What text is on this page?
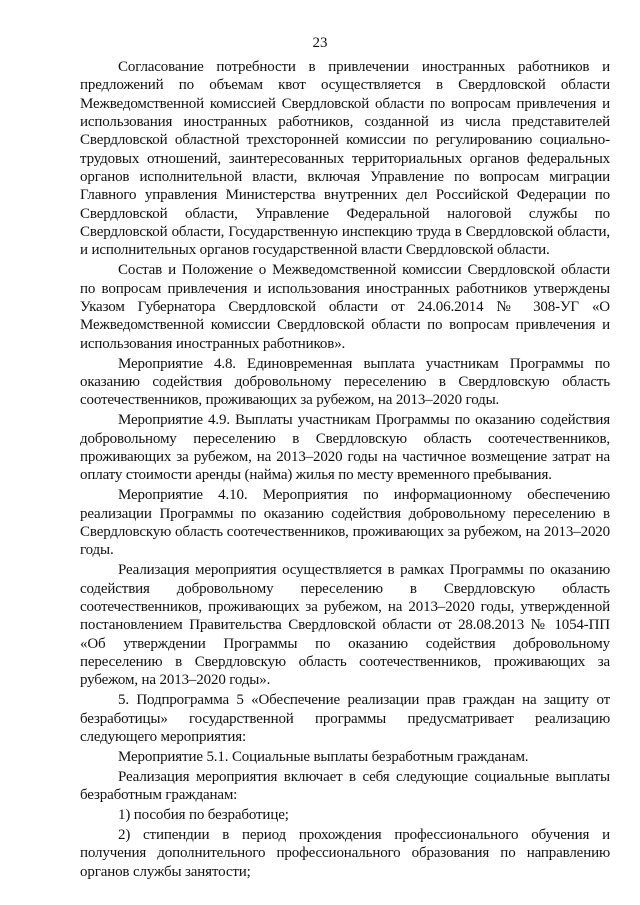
23

Согласование потребности в привлечении иностранных работников и предложений по объемам квот осуществляется в Свердловской области Межведомственной комиссией Свердловской области по вопросам привлечения и использования иностранных работников, созданной из числа представителей Свердловской областной трехсторонней комиссии по регулированию социально-трудовых отношений, заинтересованных территориальных органов федеральных органов исполнительной власти, включая Управление по вопросам миграции Главного управления Министерства внутренних дел Российской Федерации по Свердловской области, Управление Федеральной налоговой службы по Свердловской области, Государственную инспекцию труда в Свердловской области, и исполнительных органов государственной власти Свердловской области.

Состав и Положение о Межведомственной комиссии Свердловской области по вопросам привлечения и использования иностранных работников утверждены Указом Губернатора Свердловской области от 24.06.2014 № 308-УГ «О Межведомственной комиссии Свердловской области по вопросам привлечения и использования иностранных работников».

Мероприятие 4.8. Единовременная выплата участникам Программы по оказанию содействия добровольному переселению в Свердловскую область соотечественников, проживающих за рубежом, на 2013–2020 годы.

Мероприятие 4.9. Выплаты участникам Программы по оказанию содействия добровольному переселению в Свердловскую область соотечественников, проживающих за рубежом, на 2013–2020 годы на частичное возмещение затрат на оплату стоимости аренды (найма) жилья по месту временного пребывания.

Мероприятие 4.10. Мероприятия по информационному обеспечению реализации Программы по оказанию содействия добровольному переселению в Свердловскую область соотечественников, проживающих за рубежом, на 2013–2020 годы.

Реализация мероприятия осуществляется в рамках Программы по оказанию содействия добровольному переселению в Свердловскую область соотечественников, проживающих за рубежом, на 2013–2020 годы, утвержденной постановлением Правительства Свердловской области от 28.08.2013 № 1054-ПП «Об утверждении Программы по оказанию содействия добровольному переселению в Свердловскую область соотечественников, проживающих за рубежом, на 2013–2020 годы».

5. Подпрограмма 5 «Обеспечение реализации прав граждан на защиту от безработицы» государственной программы предусматривает реализацию следующего мероприятия:

Мероприятие 5.1. Социальные выплаты безработным гражданам.

Реализация мероприятия включает в себя следующие социальные выплаты безработным гражданам:

1) пособия по безработице;

2) стипендии в период прохождения профессионального обучения и получения дополнительного профессионального образования по направлению органов службы занятости;
